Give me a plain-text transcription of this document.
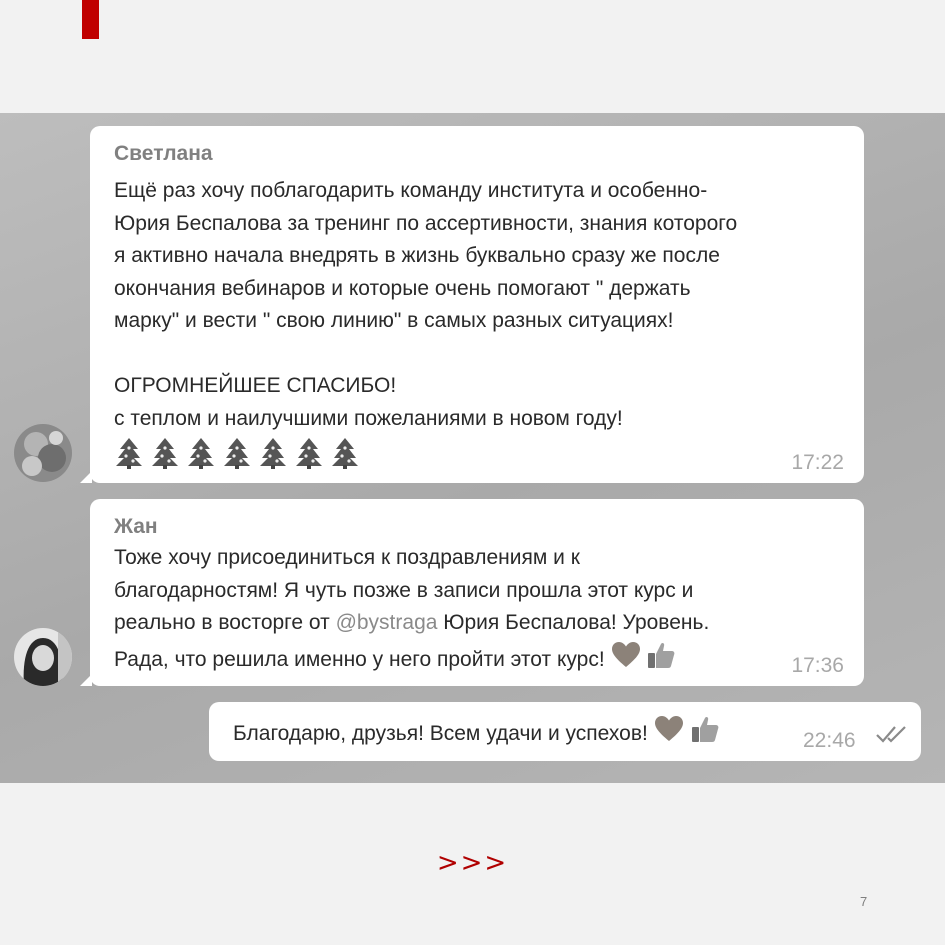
Светлана
Ещё раз хочу поблагодарить команду института и особенно-
Юрия Беспалова за тренинг по ассертивности, знания которого
я активно начала внедрять в жизнь буквально сразу же после
окончания вебинаров и которые очень помогают " держать
марку" и вести " свою линию" в самых разных ситуациях!

ОГРОМНЕЙШЕЕ СПАСИБО!
с теплом и наилучшими пожеланиями в новом году!
17:22
Жан
Тоже хочу присоединиться к поздравлениям и к
благодарностям! Я чуть позже в записи прошла этот курс и
реально в восторге от @bystraga Юрия Беспалова! Уровень.
Рада, что решила именно у него пройти этот курс!	17:36
Благодарю, друзья! Всем удачи и успехов!	22:46
>>>
7
